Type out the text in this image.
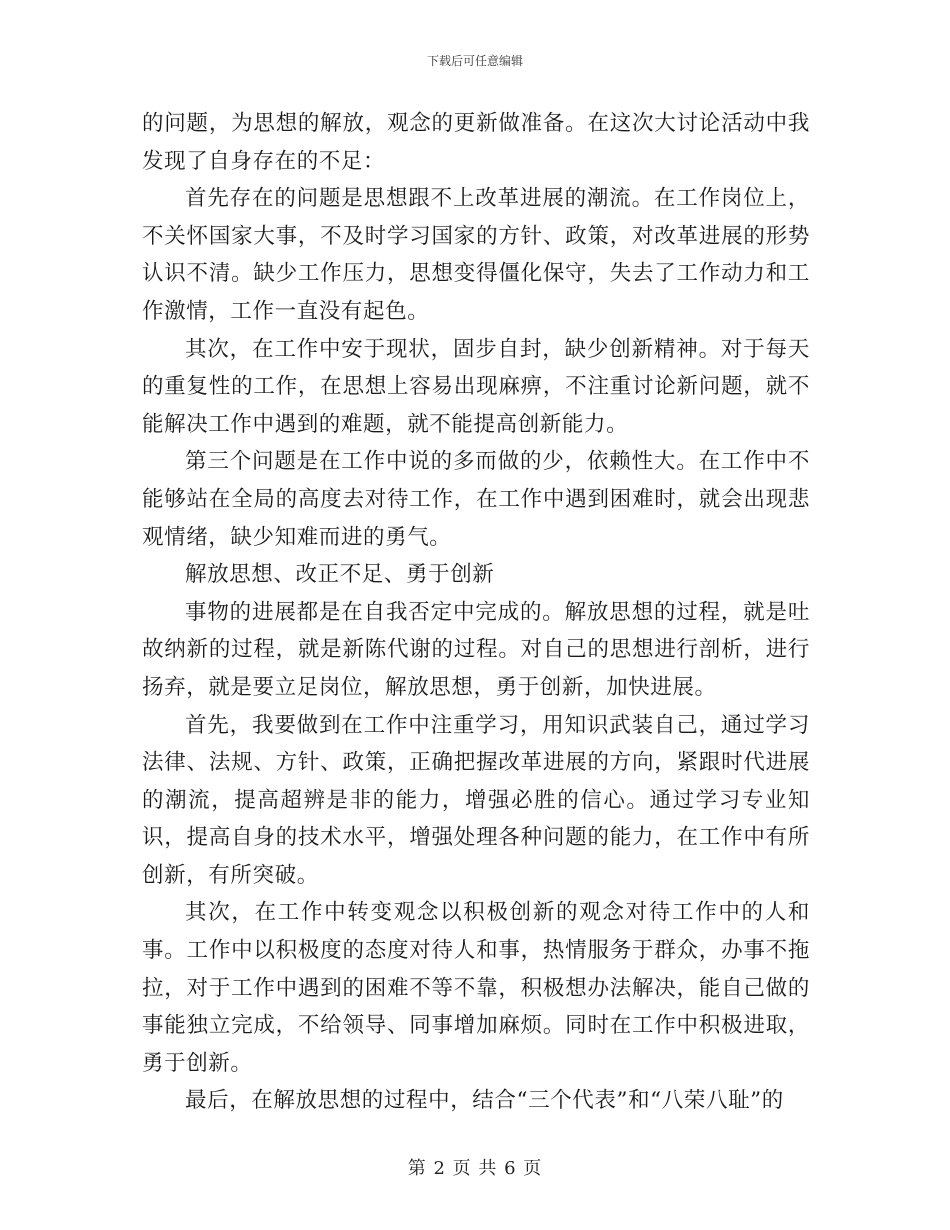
下载后可任意编辑

的问题，为思想的解放，观念的更新做准备。在这次大讨论活动中我发现了自身存在的不足：

首先存在的问题是思想跟不上改革进展的潮流。在工作岗位上，不关怀国家大事，不及时学习国家的方针、政策，对改革进展的形势认识不清。缺少工作压力，思想变得僵化保守，失去了工作动力和工作激情，工作一直没有起色。

其次，在工作中安于现状，固步自封，缺少创新精神。对于每天的重复性的工作，在思想上容易出现麻痹，不注重讨论新问题，就不能解决工作中遇到的难题，就不能提高创新能力。

第三个问题是在工作中说的多而做的少，依赖性大。在工作中不能够站在全局的高度去对待工作，在工作中遇到困难时，就会出现悲观情绪，缺少知难而进的勇气。

解放思想、改正不足、勇于创新

事物的进展都是在自我否定中完成的。解放思想的过程，就是吐故纳新的过程，就是新陈代谢的过程。对自己的思想进行剖析，进行扬弃，就是要立足岗位，解放思想，勇于创新，加快进展。

首先，我要做到在工作中注重学习，用知识武装自己，通过学习法律、法规、方针、政策，正确把握改革进展的方向，紧跟时代进展的潮流，提高超辨是非的能力，增强必胜的信心。通过学习专业知识，提高自身的技术水平，增强处理各种问题的能力，在工作中有所创新，有所突破。

其次，在工作中转变观念以积极创新的观念对待工作中的人和事。工作中以积极度的态度对待人和事，热情服务于群众，办事不拖拉，对于工作中遇到的困难不等不靠，积极想办法解决，能自己做的事能独立完成，不给领导、同事增加麻烦。同时在工作中积极进取，勇于创新。

最后，在解放思想的过程中，结合“三个代表”和“八荣八耻”的

第 2 页 共 6 页
